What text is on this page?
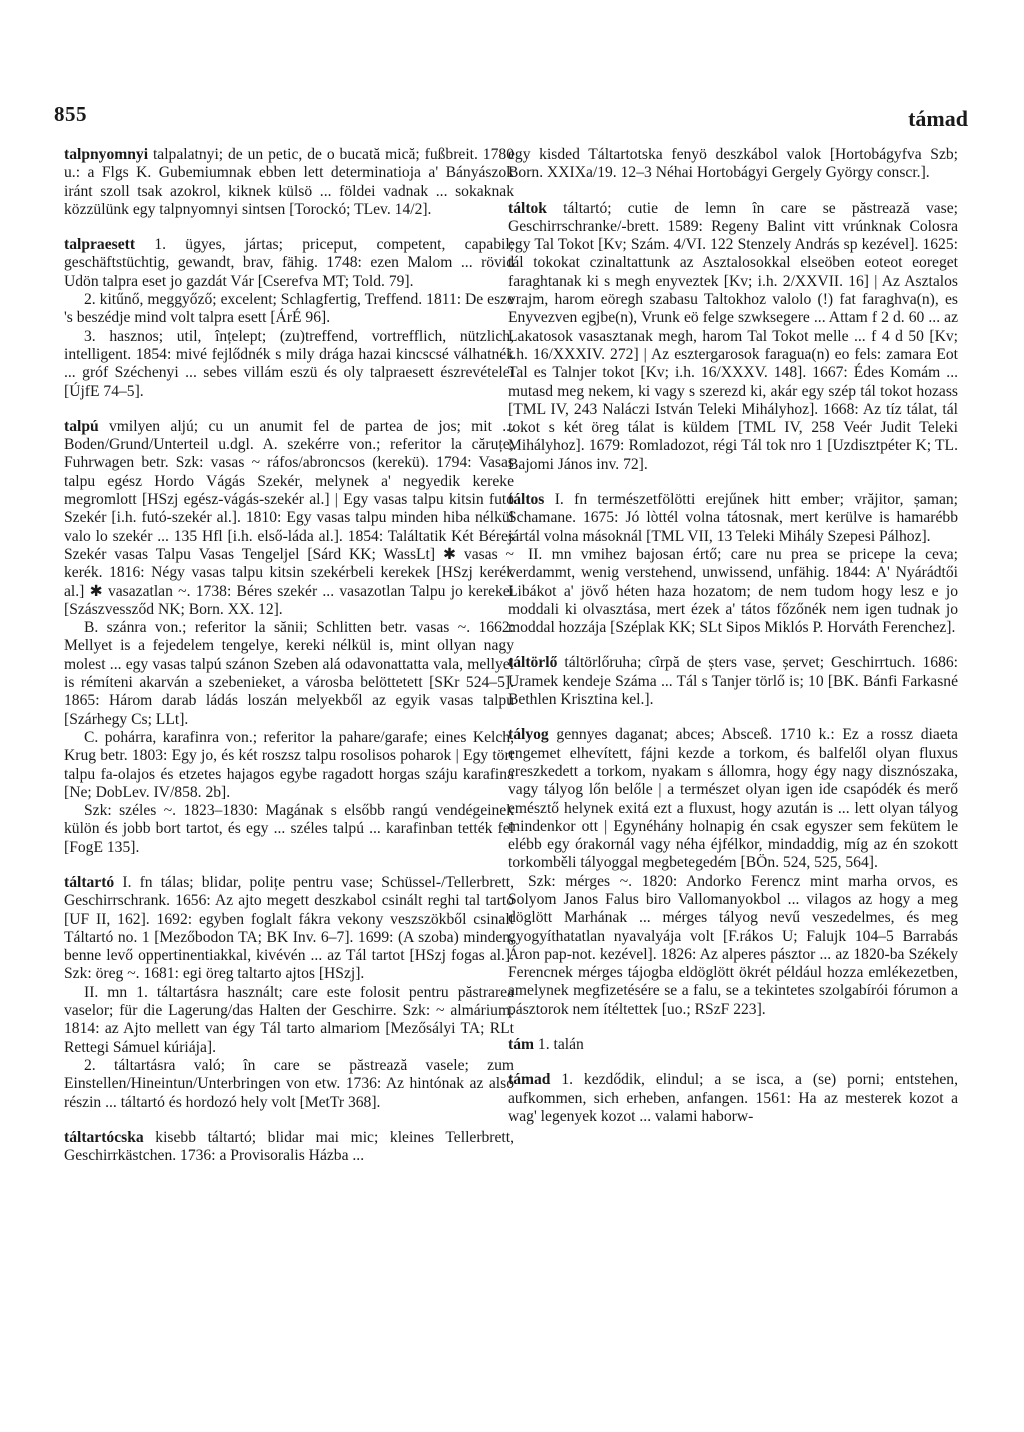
855	támad
talpnyomnyi talpalatnyi; de un petic, de o bucată mică; fußbreit. 1780 u.: a Flgs K. Gubemiumnak ebben lett determinatioja a' Bányászok iránt szoll tsak azokrol, kiknek külsö ... földei vadnak ... sokaknak közzülünk egy talpnyomnyi sintsen [Torockó; TLev. 14/2].
talpraesett 1. ügyes, jártas; priceput, competent, capabil; geschäftstüchtig, gewandt, brav, fähig. 1748: ezen Malom ... rövid Udön talpra eset jo gazdát Vár [Cserefva MT; Told. 79].
2. kitűnő, meggyőző; excelent; Schlagfertig, Treffend. 1811: De esze 's beszédje mind volt talpra esett [ÁrÉ 96].
3. hasznos; util, înțelept; (zu)treffend, vortrefflich, nützlich, intelligent. 1854: mivé fejlődnék s mily drága hazai kincscsé válhatnék ... gróf Széchenyi ... sebes villám eszü és oly talpraesett észrevételei [ÚjfE 74–5].
talpú vmilyen aljú; cu un anumit fel de partea de jos; mit ... Boden/Grund/Unterteil u.dgl. A. szekérre von.; referitor la căruțe; Fuhrwagen betr. Szk: vasas ~ ráfos/abroncsos (kerekü). 1794: Vasas talpu egész Hordo Vágás Szekér, melynek a' negyedik kereke megromlott [HSzj egész-vágás-szekér al.] | Egy vasas talpu kitsin futó Szekér [i.h. futó-szekér al.]. 1810: Egy vasas talpu minden hiba nélkül valo lo szekér ... 135 Hfl [i.h. első-láda al.]. 1854: Találtatik Két Béres Szekér vasas Talpu Vasas Tengeljel [Sárd KK; WassLt] ✱ vasas ~ kerék. 1816: Négy vasas talpu kitsin szekérbeli kerekek [HSzj kerék al.] ✱ vasazatlan ~. 1738: Béres szekér ... vasazotlan Talpu jo kerekei [Szászvessződ NK; Born. XX. 12].
B. szánra von.; referitor la sănii; Schlitten betr. vasas ~. 1662: Mellyet is a fejedelem tengelye, kereki nélkül is, mint ollyan nagy molest ... egy vasas talpú szánon Szeben alá odavonattatta vala, mellyel is rémíteni akarván a szebenieket, a városba belöttetett [SKr 524–5]. 1865: Három darab ládás loszán melyekből az egyik vasas talpu [Szárhegy Cs; LLt].
C. pohárra, karafinra von.; referitor la pahare/garafe; eines Kelch, Krug betr. 1803: Egy jo, és két roszsz talpu rosolisos poharok | Egy tört talpu fa-olajos és etzetes hajagos egybe ragadott horgas száju karafina [Ne; DobLev. IV/858. 2b].
Szk: széles ~. 1823–1830: Magának s elsőbb rangú vendégeinek külön és jobb bort tartot, és egy ... széles talpú ... karafinban tették fel [FogE 135].
táltartó I. fn tálas; blidar, polițe pentru vase; Schüssel-/Tellerbrett, Geschirrschrank. 1656: Az ajto megett deszkabol csinált reghi tal tarto [UF II, 162]. 1692: egyben foglalt fákra vekony veszszökből csinalt Táltartó no. 1 [Mezőbodon TA; BK Inv. 6–7]. 1699: (A szoba) minden, benne levő oppertinentiakkal, kivévén ... az Tál tartot [HSzj fogas al.]. Szk: öreg ~. 1681: egi öreg taltarto ajtos [HSzj].
II. mn 1. táltartásra használt; care este folosit pentru păstrarea vaselor; für die Lagerung/das Halten der Geschirre. Szk: ~ almárium. 1814: az Ajto mellett van égy Tál tarto almariom [Mezősályi TA; RLt Rettegi Sámuel kúriája].
2. táltartásra való; în care se păstrează vasele; zum Einstellen/Hineintun/Unterbringen von etw. 1736: Az hintónak az alsó részin ... táltartó és hordozó hely volt [MetTr 368].
táltartócska kisebb táltartó; blidar mai mic; kleines Tellerbrett, Geschirrkästchen. 1736: a Provisoralis Házba ...
egy kisded Táltartotska fenyö deszkábol valok [Hortobágyfva Szb; Born. XXIXa/19. 12–3 Néhai Hortobágyi Gergely György conscr.].
táltok táltartó; cutie de lemn în care se păstrează vase; Geschirrschranke/-brett. 1589: Regeny Balint vitt vrúnknak Colosra egy Tal Tokot [Kv; Szám. 4/VI. 122 Stenzely András sp kezével]. 1625: tál tokokat czinaltattunk az Asztalosokkal elseöben eoteot eoreget faraghtanak ki s megh enyveztek [Kv; i.h. 2/XXVII. 16] | Az Asztalos vrajm, harom eöregh szabasu Taltokhoz valolo (!) fat faraghva(n), es Enyvezven egjbe(n), Vrunk eö felge szwksegere ... Attam f 2 d. 60 ... az Lakatosok vasasztanak megh, harom Tal Tokot melle ... f 4 d 50 [Kv; i.h. 16/XXXIV. 272] | Az esztergarosok faragua(n) eo fels: zamara Eot Tal es Talnjer tokot [Kv; i.h. 16/XXXV. 148]. 1667: Édes Komám ... mutasd meg nekem, ki vagy s szerezd ki, akár egy szép tál tokot hozass [TML IV, 243 Naláczi István Teleki Mihályhoz]. 1668: Az tíz tálat, tál tokot s két öreg tálat is küldem [TML IV, 258 Veér Judit Teleki Mihályhoz]. 1679: Romladozot, régi Tál tok nro 1 [Uzdisztpéter K; TL. Bajomi János inv. 72].
táltos I. fn természetfölötti erejűnek hitt ember; vrăjitor, șaman; Schamane. 1675: Jó lòttél volna tátosnak, mert kerülve is hamarébb jártál volna másoknál [TML VII, 13 Teleki Mihály Szepesi Pálhoz].
II. mn vmihez bajosan értő; care nu prea se pricepe la ceva; verdammt, wenig verstehend, unwissend, unfähig. 1844: A' Nyárádtői Libákot a' jövő héten haza hozatom; de nem tudom hogy lesz e jo moddali ki olvasztása, mert ézek a' tátos főzőnék nem igen tudnak jo moddal hozzája [Széplak KK; SLt Sipos Miklós P. Horváth Ferenchez].
táltörlő táltörlőruha; cîrpă de șters vase, șervet; Geschirrtuch. 1686: Uramek kendeje Száma ... Tál s Tanjer törlő is; 10 [BK. Bánfi Farkasné Bethlen Krisztina kel.].
tályog gennyes daganat; abces; Absceß. 1710 k.: Ez a rossz diaeta engemet elhevített, fájni kezde a torkom, és balfelől olyan fluxus ereszkedett a torkom, nyakam s állomra, hogy égy nagy disznószaka, vagy tályog lőn belőle | a természet olyan igen ide csapódék és merő emésztő helynek exitá ezt a fluxust, hogy azután is ... lett olyan tályog mindenkor ott | Egynéhány holnapig én csak egyszer sem fekütem le elébb egy órakornál vagy néha éjfélkor, mindaddig, míg az én szokott torkomběli tályoggal megbetegedém [BÖn. 524, 525, 564].
Szk: mérges ~. 1820: Andorko Ferencz mint marha orvos, es Solyom Janos Falus biro Vallomanyokbol ... vilagos az hogy a meg döglött Marhának ... mérges tályog nevű veszedelmes, és meg gyogyíthatatlan nyavalyája volt [F.rákos U; Falujk 104–5 Barrabás Áron pap-not. kezével]. 1826: Az alperes pásztor ... az 1820-ba Székely Ferencnek mérges tájogba eldöglött ökrét például hozza emlékezetben, amelynek megfizetésére se a falu, se a tekintetes szolgabírói fórumon a pásztorok nem ítéltettek [uo.; RSzF 223].
tám 1. talán
támad 1. kezdődik, elindul; a se isca, a (se) porni; entstehen, aufkommen, sich erheben, anfangen. 1561: Ha az mesterek kozot a wag' legenyek kozot ... valami haborw-
